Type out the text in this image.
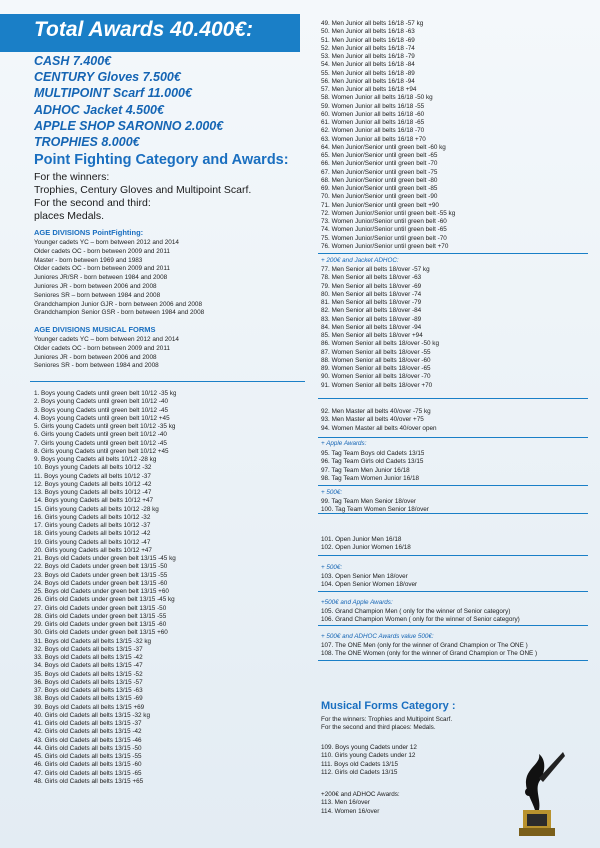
Total Awards 40.400€:
CASH 7.400€
CENTURY Gloves 7.500€
MULTIPOINT Scarf 11.000€
ADHOC Jacket 4.500€
APPLE SHOP SARONNO 2.000€
TROPHIES 8.000€
Point Fighting Category and Awards:
For the winners:
Trophies, Century Gloves and Multipoint Scarf.
For the second and third:
places Medals.
AGE DIVISIONS PointFighting:
Younger cadets YC – born between 2012 and 2014
Older cadets OC - born between 2009 and 2011
Master - born between 1969 and 1983
Older cadets OC - born between 2009 and 2011
Juniores JR/SR - born between 1984 and 2008
Juniores JR - born between 2006 and 2008
Seniores SR – born between 1984 and 2008
Grandchampion Junior GJR - born between 2006 and 2008
Grandchampion Senior GSR - born between 1984 and 2008
AGE DIVISIONS MUSICAL FORMS
Younger cadets YC – born between 2012 and 2014
Older cadets OC - born between 2009 and 2011
Juniores JR - born between 2006 and 2008
Seniores SR - born between 1984 and 2008
1. Boys young Cadets until green belt 10/12 -35 kg
2. Boys young Cadets until green belt 10/12 -40
3. Boys young Cadets until green belt 10/12 -45
4. Boys young Cadets until green belt 10/12 +45
5. Girls young Cadets until green belt 10/12 -35 kg
6. Girls young Cadets until green belt 10/12 -40
7. Girls young Cadets until green belt 10/12 -45
8. Girls young Cadets until green belt 10/12 +45
9. Boys young Cadets all belts 10/12 -28 kg
10. Boys young Cadets all belts 10/12 -32
11. Boys young Cadets all belts 10/12 -37
12. Boys young Cadets all belts 10/12 -42
13. Boys young Cadets all belts 10/12 -47
14. Boys young Cadets all belts 10/12 +47
15. Girls young Cadets all belts 10/12 -28 kg
16. Girls young Cadets all belts 10/12 -32
17. Girls young Cadets all belts 10/12 -37
18. Girls young Cadets all belts 10/12 -42
19. Girls young Cadets all belts 10/12 -47
20. Girls young Cadets all belts 10/12 +47
21. Boys old Cadets under green belt 13/15 -45 kg
22. Boys old Cadets under green belt 13/15 -50
23. Boys old Cadets under green belt 13/15 -55
24. Boys old Cadets under green belt 13/15 -60
25. Boys old Cadets under green belt 13/15 +60
26. Girls old Cadets under green belt 13/15 -45 kg
27. Girls old Cadets under green belt 13/15 -50
28. Girls old Cadets under green belt 13/15 -55
29. Girls old Cadets under green belt 13/15 -60
30. Girls old Cadets under green belt 13/15 +60
31. Boys old Cadets all belts 13/15 -32 kg
32. Boys old Cadets all belts 13/15 -37
33. Boys old Cadets all belts 13/15 -42
34. Boys old Cadets all belts 13/15 -47
35. Boys old Cadets all belts 13/15 -52
36. Boys old Cadets all belts 13/15 -57
37. Boys old Cadets all belts 13/15 -63
38. Boys old Cadets all belts 13/15 -69
39. Boys old Cadets all belts 13/15 +69
40. Girls old Cadets all belts 13/15 -32 kg
41. Girls old Cadets all belts 13/15 -37
42. Girls old Cadets all belts 13/15 -42
43. Girls old Cadets all belts 13/15 -46
44. Girls old Cadets all belts 13/15 -50
45. Girls old Cadets all belts 13/15 -55
46. Girls old Cadets all belts 13/15 -60
47. Girls old Cadets all belts 13/15 -65
48. Girls old Cadets all belts 13/15 +65
49. Men Junior all belts 16/18 -57 kg
50. Men Junior all belts 16/18 -63
51. Men Junior all belts 16/18 -69
52. Men Junior all belts 16/18 -74
53. Men Junior all belts 16/18 -79
54. Men Junior all belts 16/18 -84
55. Men Junior all belts 16/18 -89
56. Men Junior all belts 16/18 -94
57. Men Junior all belts 16/18 +94
58. Women Junior all belts 16/18 -50 kg
59. Women Junior all belts 16/18 -55
60. Women Junior all belts 16/18 -60
61. Women Junior all belts 16/18 -65
62. Women Junior all belts 16/18 -70
63. Women Junior all belts 16/18 +70
64. Men Junior/Senior until green belt -60 kg
65. Men Junior/Senior until green belt -65
66. Men Junior/Senior until green belt -70
67. Men Junior/Senior until green belt -75
68. Men Junior/Senior until green belt -80
69. Men Junior/Senior until green belt -85
70. Men Junior/Senior until green belt -90
71. Men Junior/Senior until green belt +90
72. Women Junior/Senior until green belt -55 kg
73. Women Junior/Senior until green belt -60
74. Women Junior/Senior until green belt -65
75. Women Junior/Senior until green belt -70
76. Women Junior/Senior until green belt +70
+ 200€ and Jacket ADHOC:
77. Men Senior all belts 18/over -57 kg
78. Men Senior all belts 18/over -63
79. Men Senior all belts 18/over -69
80. Men Senior all belts 18/over -74
81. Men Senior all belts 18/over -79
82. Men Senior all belts 18/over -84
83. Men Senior all belts 18/over -89
84. Men Senior all belts 18/over -94
85. Men Senior all belts 18/over +94
86. Women Senior all belts 18/over -50 kg
87. Women Senior all belts 18/over -55
88. Women Senior all belts 18/over -60
89. Women Senior all belts 18/over -65
90. Women Senior all belts 18/over -70
91. Women Senior all belts 18/over +70
92. Men Master all belts 40/over -75 kg
93. Men Master all belts 40/over +75
94. Women Master all belts 40/over open
+ Apple Awards:
95. Tag Team Boys old Cadets 13/15
96. Tag Team Girls old Cadets 13/15
97. Tag Team Men Junior 16/18
98. Tag Team Women Junior 16/18
+ 500€:
99. Tag Team Men Senior 18/over
100. Tag Team Women Senior 18/over
101. Open Junior Men 16/18
102. Open Junior Women 16/18
+ 500€:
103. Open Senior Men 18/over
104. Open Senior Women 18/over
+500€ and Apple Awards:
105. Grand Champion Men ( only for the winner of Senior category)
106. Grand Champion Women ( only for the winner of Senior category)
+ 500€ and ADHOC Awards value 500€:
107. The ONE Men (only for the winner of Grand Champion or The ONE )
108. The ONE Women (only for the winner of Grand Champion or The ONE )
Musical Forms Category :
For the winners: Trophies and Multipoint Scarf.
For the second and third places: Medals.
109. Boys young Cadets under 12
110. Girls young Cadets under 12
111. Boys old Cadets 13/15
112. Girls old Cadets 13/15
+200€ and ADHOC Awards:
113. Men 16/over
114. Women 16/over
